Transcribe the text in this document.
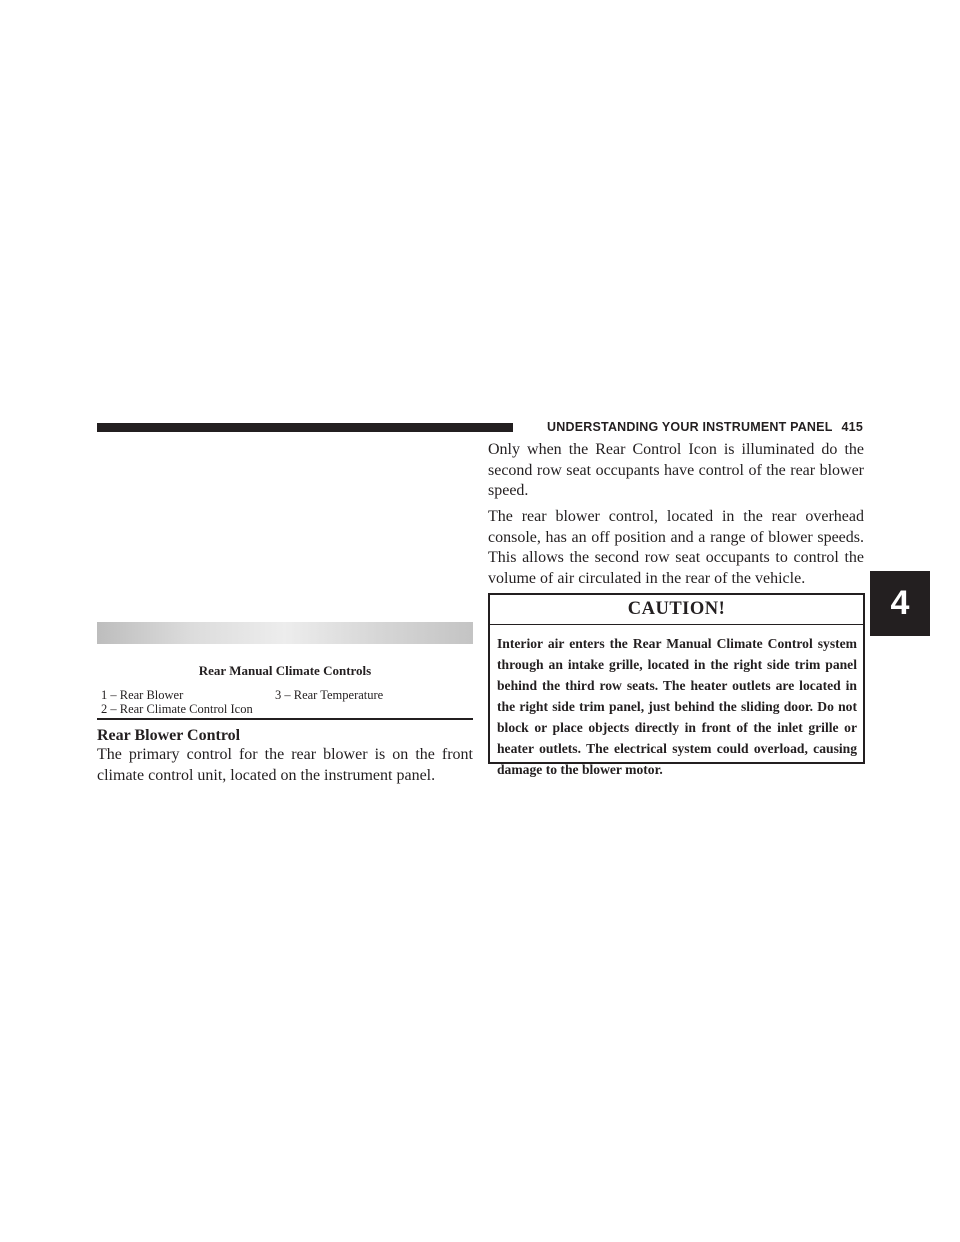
UNDERSTANDING YOUR INSTRUMENT PANEL 415
4
Rear Manual Climate Controls
1 – Rear Blower	3 – Rear Temperature
2 – Rear Climate Control Icon
Rear Blower Control
The primary control for the rear blower is on the front climate control unit, located on the instrument panel.
Only when the Rear Control Icon is illuminated do the second row seat occupants have control of the rear blower speed.
The rear blower control, located in the rear overhead console, has an off position and a range of blower speeds. This allows the second row seat occupants to control the volume of air circulated in the rear of the vehicle.
CAUTION!
Interior air enters the Rear Manual Climate Control system through an intake grille, located in the right side trim panel behind the third row seats. The heater outlets are located in the right side trim panel, just behind the sliding door. Do not block or place objects directly in front of the inlet grille or heater outlets. The electrical system could overload, causing damage to the blower motor.
